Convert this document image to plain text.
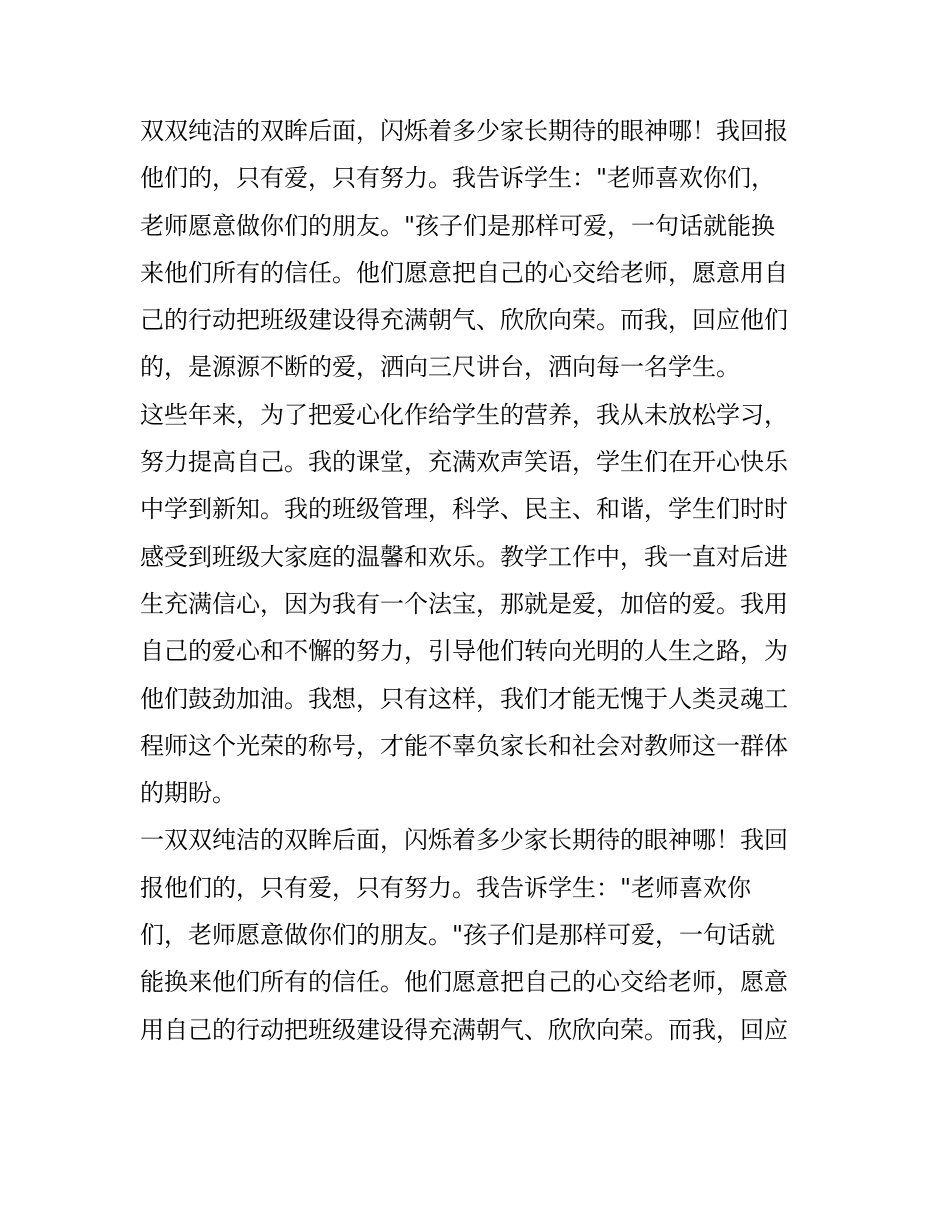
双双纯洁的双眸后面，闪烁着多少家长期待的眼神哪！我回报
他们的，只有爱，只有努力。我告诉学生："老师喜欢你们，
老师愿意做你们的朋友。"孩子们是那样可爱，一句话就能换
来他们所有的信任。他们愿意把自己的心交给老师，愿意用自
己的行动把班级建设得充满朝气、欣欣向荣。而我，回应他们
的，是源源不断的爱，洒向三尺讲台，洒向每一名学生。
这些年来，为了把爱心化作给学生的营养，我从未放松学习，
努力提高自己。我的课堂，充满欢声笑语，学生们在开心快乐
中学到新知。我的班级管理，科学、民主、和谐，学生们时时
感受到班级大家庭的温馨和欢乐。教学工作中，我一直对后进
生充满信心，因为我有一个法宝，那就是爱，加倍的爱。我用
自己的爱心和不懈的努力，引导他们转向光明的人生之路，为
他们鼓劲加油。我想，只有这样，我们才能无愧于人类灵魂工
程师这个光荣的称号，才能不辜负家长和社会对教师这一群体
的期盼。
一双双纯洁的双眸后面，闪烁着多少家长期待的眼神哪！我回
报他们的，只有爱，只有努力。我告诉学生："老师喜欢你
们，老师愿意做你们的朋友。"孩子们是那样可爱，一句话就
能换来他们所有的信任。他们愿意把自己的心交给老师，愿意
用自己的行动把班级建设得充满朝气、欣欣向荣。而我，回应
